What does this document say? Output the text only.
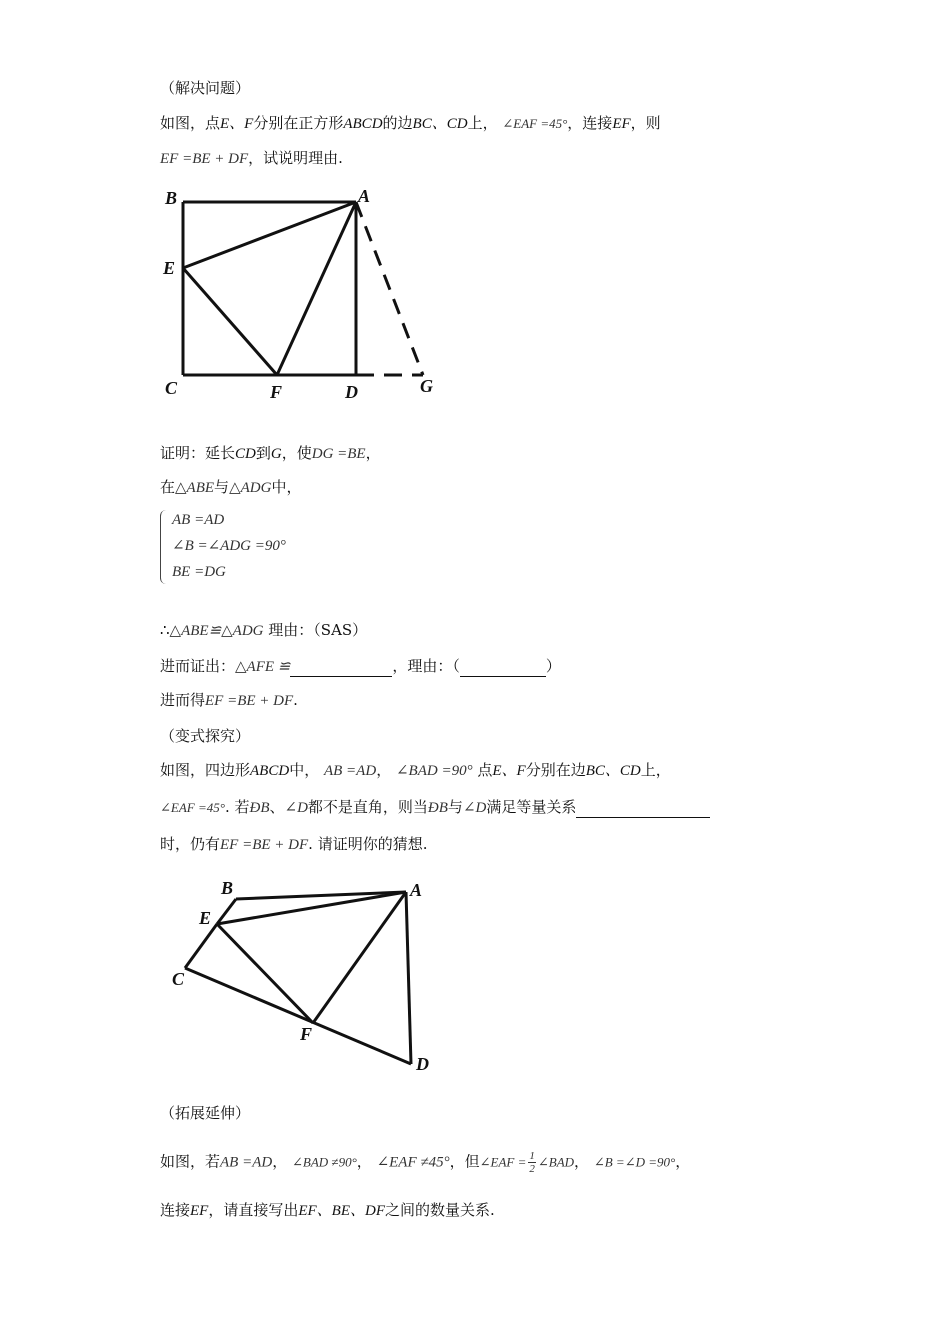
（解决问题）
如图，点E、F分别在正方形ABCD的边BC、CD上， ∠EAF =45°，连接EF，则
EF =BE + DF，试说明理由.
B	A
E
C	F	D	G
证明：延长CD到G，使DG =BE，
在△ABE与△ADG中，
AB =AD
∠B =∠ADG =90°
BE =DG
∴△ABE≌△ADG 理由：（SAS）
进而证出：△AFE ≌	，理由：（	）
进而得EF =BE + DF.
（变式探究）
如图，四边形ABCD中， AB =AD， ∠BAD =90° 点E、F分别在边BC、CD上，
∠EAF =45°. 若ÐB、∠D都不是直角，则当ÐB与∠D满足等量关系
时，仍有EF =BE + DF. 请证明你的猜想.
B	A
E
C
F
D
（拓展延伸）
如图，若AB =AD， ∠BAD ≠90°， ∠EAF ≠45°，但∠EAF = $\frac{1}{2}$ ∠BAD， ∠B =∠D =90°，
连接EF，请直接写出EF、BE、DF之间的数量关系.
